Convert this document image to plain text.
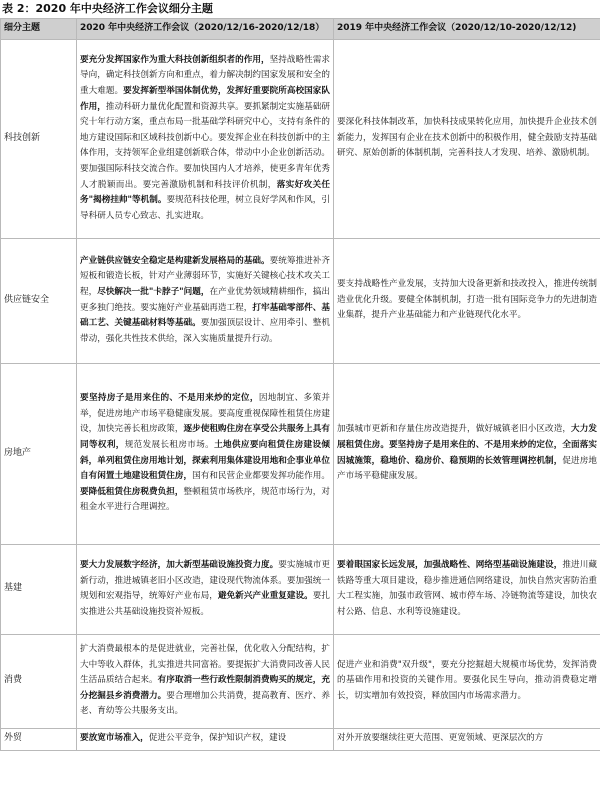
表 2：2020 年中央经济工作会议细分主题
细分主题	2020 年中央经济工作会议（2020/12/16-2020/12/18）	2019 年中央经济工作会议（2020/12/10-2020/12/12)
科技创新	要充分发挥国家作为重大科技创新组织者的作用，坚持战略性需求导向，确定科技创新方向和重点，着力解决制约国家发展和安全的重大难题。要发挥新型举国体制优势，发挥好重要院所高校国家队作用，推动科研力量优化配置和资源共享。要抓紧制定实施基础研究十年行动方案，重点布局一批基础学科研究中心，支持有条件的地方建设国际和区域科技创新中心。要发挥企业在科技创新中的主体作用，支持领军企业组建创新联合体，带动中小企业创新活动。要加强国际科技交流合作。要加快国内人才培养，使更多青年优秀人才脱颖而出。要完善激励机制和科技评价机制，落实好攻关任务"揭榜挂帅"等机制。要规范科技伦理，树立良好学风和作风，引导科研人员专心致志、扎实进取。	要深化科技体制改革，加快科技成果转化应用，加快提升企业技术创新能力，发挥国有企业在技术创新中的积极作用，健全鼓励支持基础研究、原始创新的体制机制，完善科技人才发现、培养、激励机制。
供应链安全	产业链供应链安全稳定是构建新发展格局的基础。要统筹推进补齐短板和锻造长板，针对产业薄弱环节，实施好关键核心技术攻关工程，尽快解决一批"卡脖子"问题，在产业优势领域精耕细作，搞出更多独门绝技。要实施好产业基础再造工程，打牢基础零部件、基础工艺、关键基础材料等基础。要加强顶层设计、应用牵引、整机带动，强化共性技术供给，深入实施质量提升行动。	要支持战略性产业发展，支持加大设备更新和技改投入，推进传统制造业优化升级。要健全体制机制，打造一批有国际竞争力的先进制造业集群，提升产业基础能力和产业链现代化水平。
房地产	要坚持房子是用来住的、不是用来炒的定位，因地制宜、多策并举，促进房地产市场平稳健康发展。要高度重视保障性租赁住房建设，加快完善长租房政策，逐步使租购住房在享受公共服务上具有同等权利，规范发展长租房市场。土地供应要向租赁住房建设倾斜，单列租赁住房用地计划，探索利用集体建设用地和企事业单位自有闲置土地建设租赁住房，国有和民营企业都要发挥功能作用。要降低租赁住房税费负担，整顿租赁市场秩序，规范市场行为，对租金水平进行合理调控。	加强城市更新和存量住房改造提升，做好城镇老旧小区改造，大力发展租赁住房。要坚持房子是用来住的、不是用来炒的定位，全面落实因城施策，稳地价、稳房价、稳预期的长效管理调控机制，促进房地产市场平稳健康发展。
基建	要大力发展数字经济，加大新型基础设施投资力度。要实施城市更新行动，推进城镇老旧小区改造，建设现代物流体系。要加强统一规划和宏观指导，统筹好产业布局，避免新兴产业重复建设。要扎实推进公共基础设施投资补短板。	要着眼国家长远发展，加强战略性、网络型基础设施建设，推进川藏铁路等重大项目建设，稳步推进通信网络建设，加快自然灾害防治重大工程实施，加强市政管网、城市停车场、冷链物流等建设，加快农村公路、信息、水利等设施建设。
消费	扩大消费最根本的是促进就业，完善社保，优化收入分配结构，扩大中等收入群体，扎实推进共同富裕。要提振扩大消费同改善人民生活品质结合起来。有序取消一些行政性限制消费购买的规定，充分挖掘县乡消费潜力。要合理增加公共消费，提高教育、医疗、养老、育幼等公共服务支出。	促进产业和消费"双升级"，要充分挖掘超大规模市场优势，发挥消费的基础作用和投资的关键作用。要强化民生导向，推动消费稳定增长，切实增加有效投资，释放国内市场需求潜力。
外贸	要放宽市场准入，促进公平竞争，保护知识产权，建设	对外开放要继续往更大范围、更宽领域、更深层次的方
